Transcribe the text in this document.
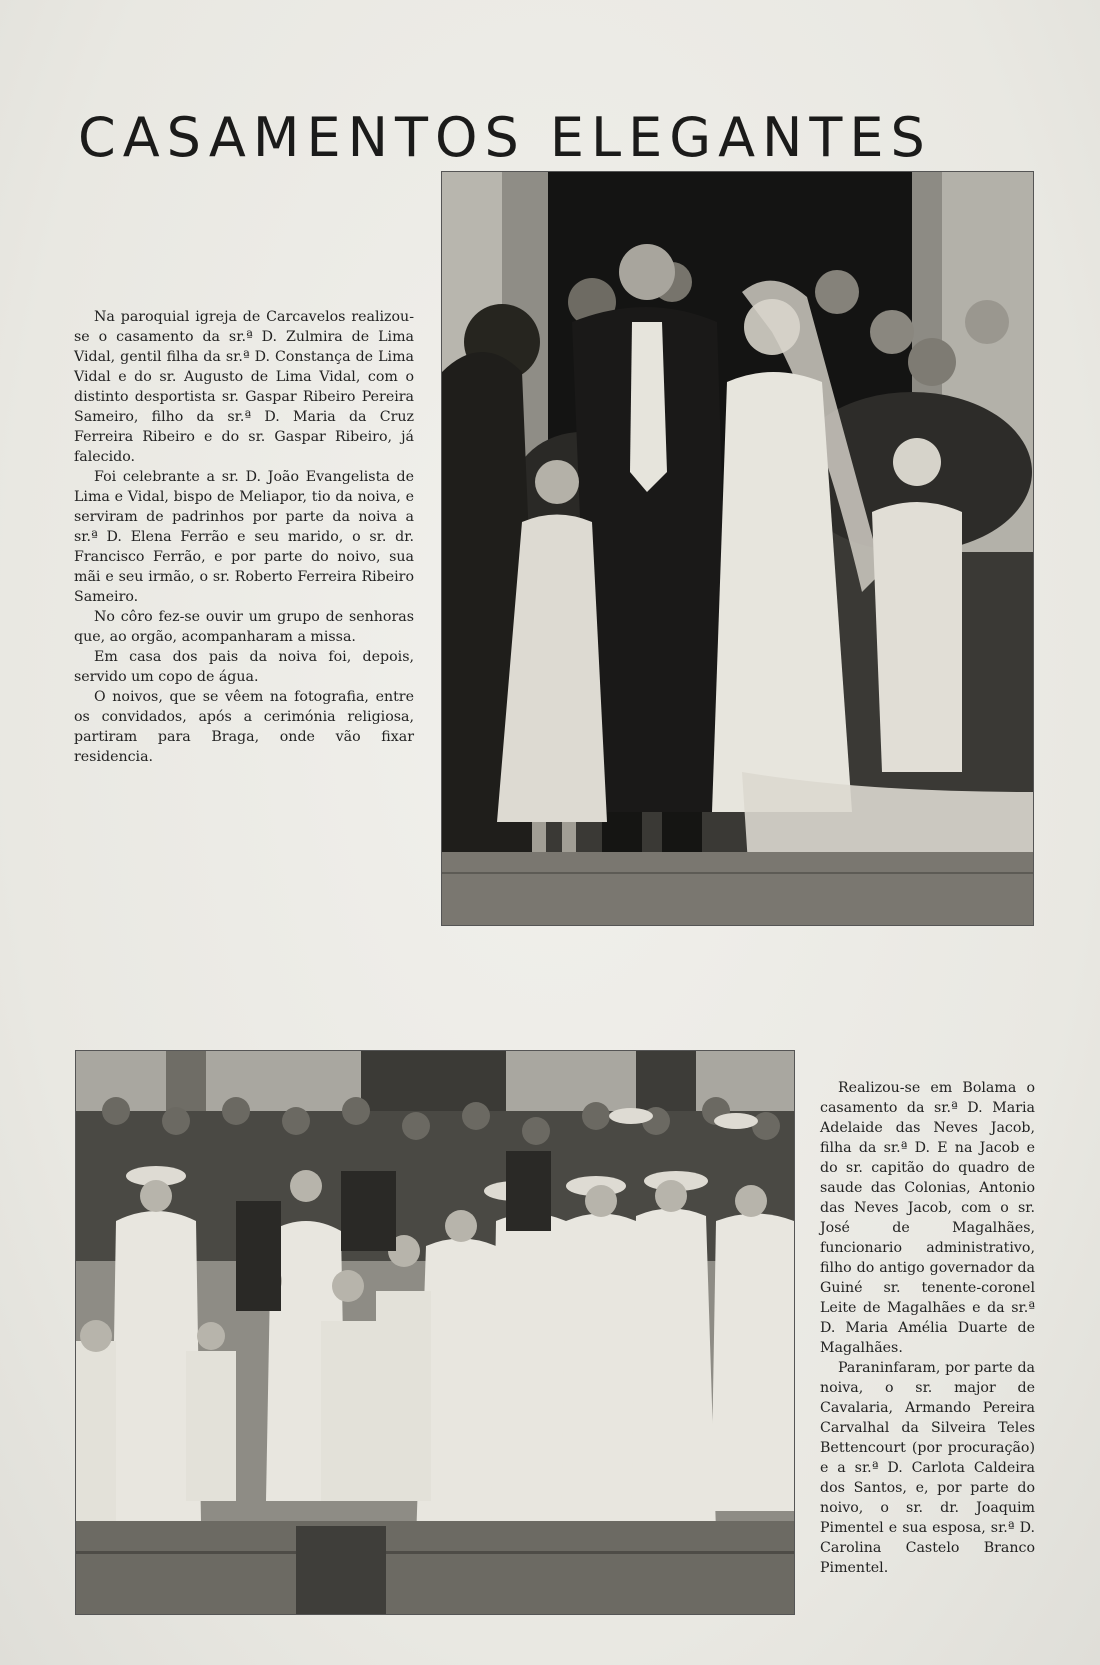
CASAMENTOS ELEGANTES

Na paroquial igreja de Carcavelos realizou-se o casamento da sr.ª D. Zulmira de Lima Vidal, gentil filha da sr.ª D. Constança de Lima Vidal e do sr. Augusto de Lima Vidal, com o distinto desportista sr. Gaspar Ribeiro Pereira Sameiro, filho da sr.ª D. Maria da Cruz Ferreira Ribeiro e do sr. Gaspar Ribeiro, já falecido.

Foi celebrante a sr. D. João Evangelista de Lima e Vidal, bispo de Meliapor, tio da noiva, e serviram de padrinhos por parte da noiva a sr.ª D. Elena Ferrão e seu marido, o sr. dr. Francisco Ferrão, e por parte do noivo, sua mãi e seu irmão, o sr. Roberto Ferreira Ribeiro Sameiro.

No côro fez-se ouvir um grupo de senhoras que, ao orgão, acompanharam a missa.

Em casa dos pais da noiva foi, depois, servido um copo de água.

O noivos, que se vêem na fotografia, entre os convidados, após a cerimónia religiosa, partiram para Braga, onde vão fixar residencia.

Realizou-se em Bolama o casamento da sr.ª D. Maria Adelaide das Neves Jacob, filha da sr.ª D. E na Jacob e do sr. capitão do quadro de saude das Colonias, Antonio das Neves Jacob, com o sr. José de Magalhães, funcionario administrativo, filho do antigo governador da Guiné sr. tenente-coronel Leite de Magalhães e da sr.ª D. Maria Amélia Duarte de Magalhães.

Paraninfaram, por parte da noiva, o sr. major de Cavalaria, Armando Pereira Carvalhal da Silveira Teles Bettencourt (por procuração) e a sr.ª D. Carlota Caldeira dos Santos, e, por parte do noivo, o sr. dr. Joaquim Pimentel e sua esposa, sr.ª D. Carolina Castelo Branco Pimentel.
